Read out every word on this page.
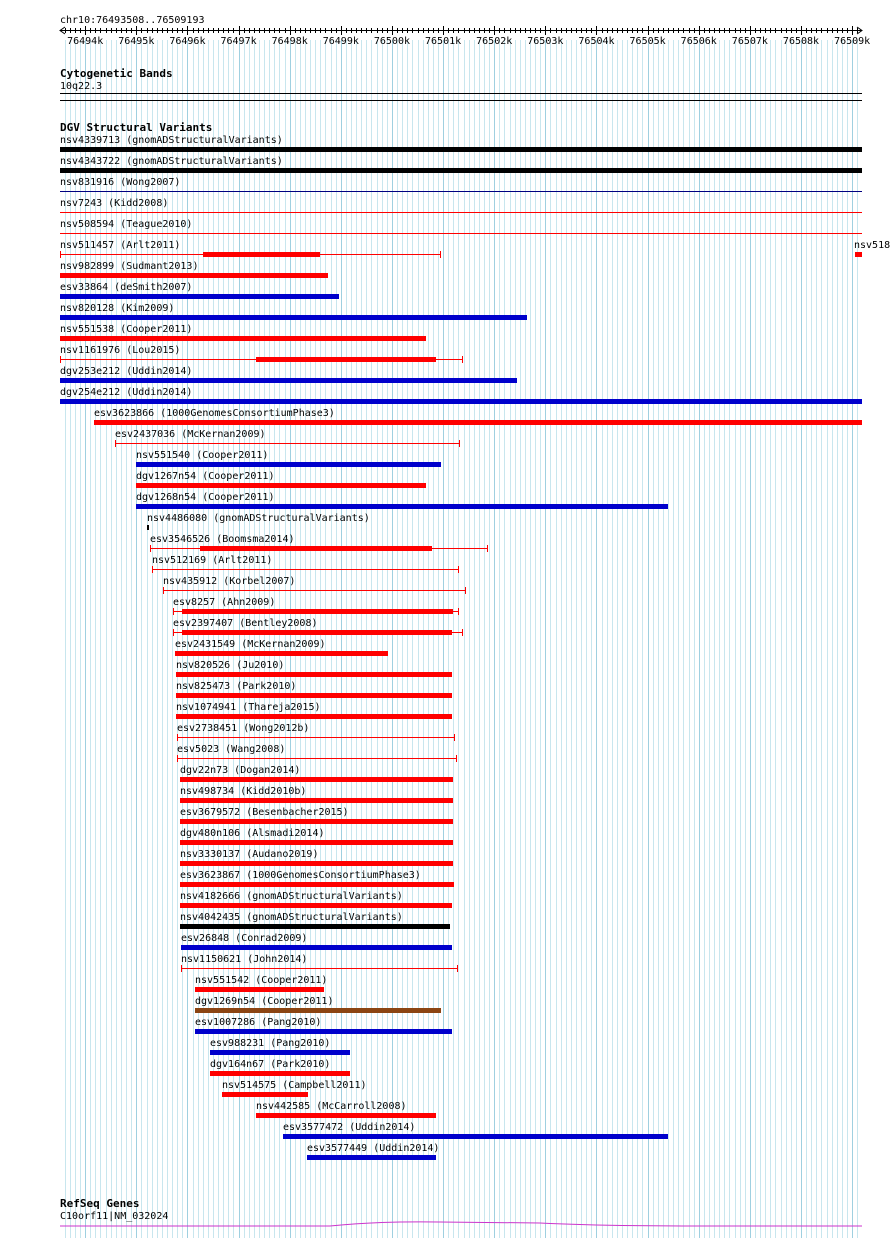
chr10:76493508..76509193
76494k 76495k 76496k 76497k 76498k 76499k 76500k 76501k 76502k 76503k 76504k 76505k 76506k 76507k 76508k 76509k
Cytogenetic Bands
10q22.3
DGV Structural Variants
nsv4339713 (gnomADStructuralVariants)
nsv4343722 (gnomADStructuralVariants)
nsv831916 (Wong2007)
nsv7243 (Kidd2008)
nsv508594 (Teague2010)
nsv511457 (Arlt2011)	nsv518
nsv982899 (Sudmant2013)
esv33864 (deSmith2007)
nsv820128 (Kim2009)
nsv551538 (Cooper2011)
nsv1161976 (Lou2015)
dgv253e212 (Uddin2014)
dgv254e212 (Uddin2014)
esv3623866 (1000GenomesConsortiumPhase3)
esv2437036 (McKernan2009)
nsv551540 (Cooper2011)
dgv1267n54 (Cooper2011)
dgv1268n54 (Cooper2011)
nsv4486080 (gnomADStructuralVariants)
esv3546526 (Boomsma2014)
nsv512169 (Arlt2011)
nsv435912 (Korbel2007)
esv8257 (Ahn2009)
esv2397407 (Bentley2008)
esv2431549 (McKernan2009)
nsv820526 (Ju2010)
nsv825473 (Park2010)
nsv1074941 (Thareja2015)
esv2738451 (Wong2012b)
esv5023 (Wang2008)
dgv22n73 (Dogan2014)
nsv498734 (Kidd2010b)
esv3679572 (Besenbacher2015)
dgv480n106 (Alsmadi2014)
nsv3330137 (Audano2019)
esv3623867 (1000GenomesConsortiumPhase3)
nsv4182666 (gnomADStructuralVariants)
nsv4042435 (gnomADStructuralVariants)
esv26848 (Conrad2009)
nsv1150621 (John2014)
nsv551542 (Cooper2011)
dgv1269n54 (Cooper2011)
esv1007286 (Pang2010)
esv988231 (Pang2010)
dgv164n67 (Park2010)
nsv514575 (Campbell2011)
nsv442585 (McCarroll2008)
esv3577472 (Uddin2014)
esv3577449 (Uddin2014)
RefSeq Genes
C10orf11|NM_032024
